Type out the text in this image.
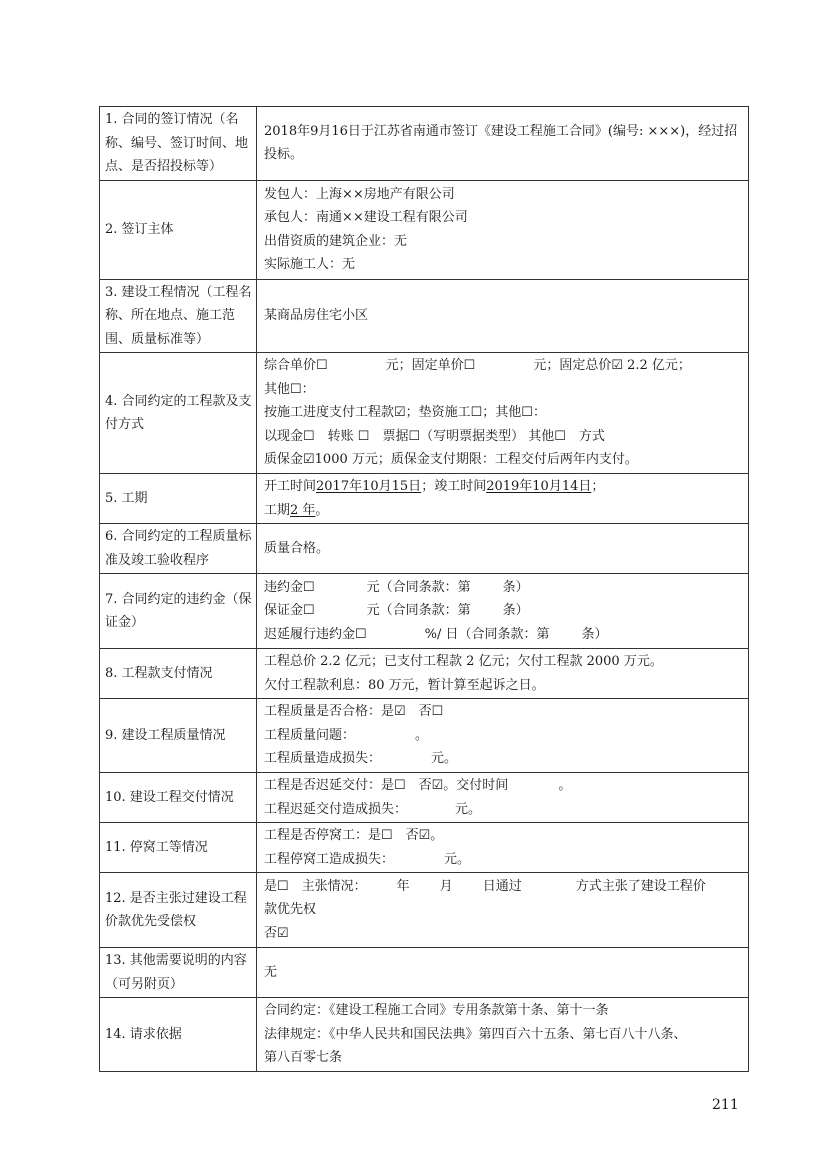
1. 合同的签订情况（名称、编号、签订时间、地点、是否招投标等）	2018年9月16日于江苏省南通市签订《建设工程施工合同》(编号: ×××)，经过招投标。

2. 签订主体	发包人：上海××房地产有限公司
承包人：南通××建设工程有限公司
出借资质的建筑企业：无
实际施工人：无

3. 建设工程情况（工程名称、所在地点、施工范围、质量标准等）	某商品房住宅小区

4. 合同约定的工程款及支付方式	综合单价☐ 元；固定单价☐ 元；固定总价☑ 2.2 亿元；
其他☐：
按施工进度支付工程款☑；垫资施工☐；其他☐：
以现金☐　转账 ☐　票据☐（写明票据类型） 其他☐　方式
质保金☑1000 万元；质保金支付期限：工程交付后两年内支付。

5. 工期	开工时间2017年10月15日；竣工时间2019年10月14日；
工期2 年。

6. 合同约定的工程质量标准及竣工验收程序	质量合格。

7. 合同约定的违约金（保证金）	违约金☐ 元（合同条款：第 条）
保证金☐ 元（合同条款：第 条）
迟延履行违约金☐ %/ 日（合同条款：第 条）

8. 工程款支付情况	工程总价 2.2 亿元；已支付工程款 2 亿元；欠付工程款 2000 万元。
欠付工程款利息：80 万元，暂计算至起诉之日。

9. 建设工程质量情况	工程质量是否合格：是☑　否☐
工程质量问题： 。
工程质量造成损失： 元。

10. 建设工程交付情况	工程是否迟延交付：是☐　否☑。交付时间 。
工程迟延交付造成损失： 元。

11. 停窝工等情况	工程是否停窝工：是☐　否☑。
工程停窝工造成损失： 元。

12. 是否主张过建设工程价款优先受偿权	是☐　主张情况： 年 月 日通过 方式主张了建设工程价
款优先权
否☑

13. 其他需要说明的内容（可另附页）	无

14. 请求依据	合同约定：《建设工程施工合同》专用条款第十条、第十一条
法律规定：《中华人民共和国民法典》第四百六十五条、第七百八十八条、
第八百零七条
211
